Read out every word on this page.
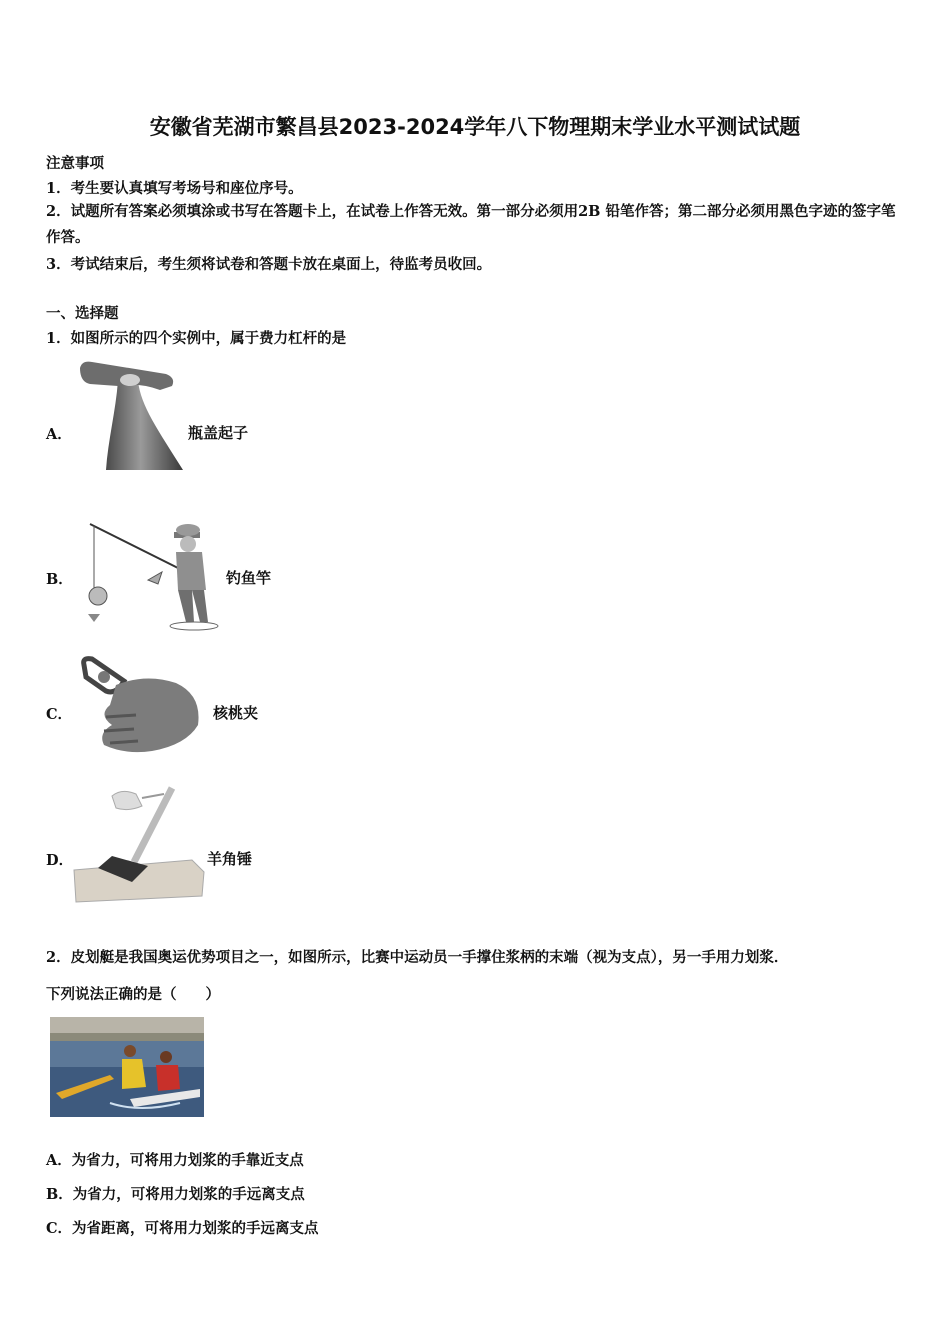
安徽省芜湖市繁昌县2023-2024学年八下物理期末学业水平测试试题
注意事项
1．考生要认真填写考场号和座位序号。
2．试题所有答案必须填涂或书写在答题卡上，在试卷上作答无效。第一部分必须用2B 铅笔作答；第二部分必须用黑色字迹的签字笔作答。
3．考试结束后，考生须将试卷和答题卡放在桌面上，待监考员收回。
一、选择题
1．如图所示的四个实例中，属于费力杠杆的是
A．	瓶盖起子
B．	钓鱼竿
C．	核桃夹
D．	羊角锤
2．皮划艇是我国奥运优势项目之一，如图所示，比赛中运动员一手撑住浆柄的末端（视为支点），另一手用力划浆．
下列说法正确的是（　　）
A．为省力，可将用力划浆的手靠近支点
B．为省力，可将用力划浆的手远离支点
C．为省距离，可将用力划浆的手远离支点
